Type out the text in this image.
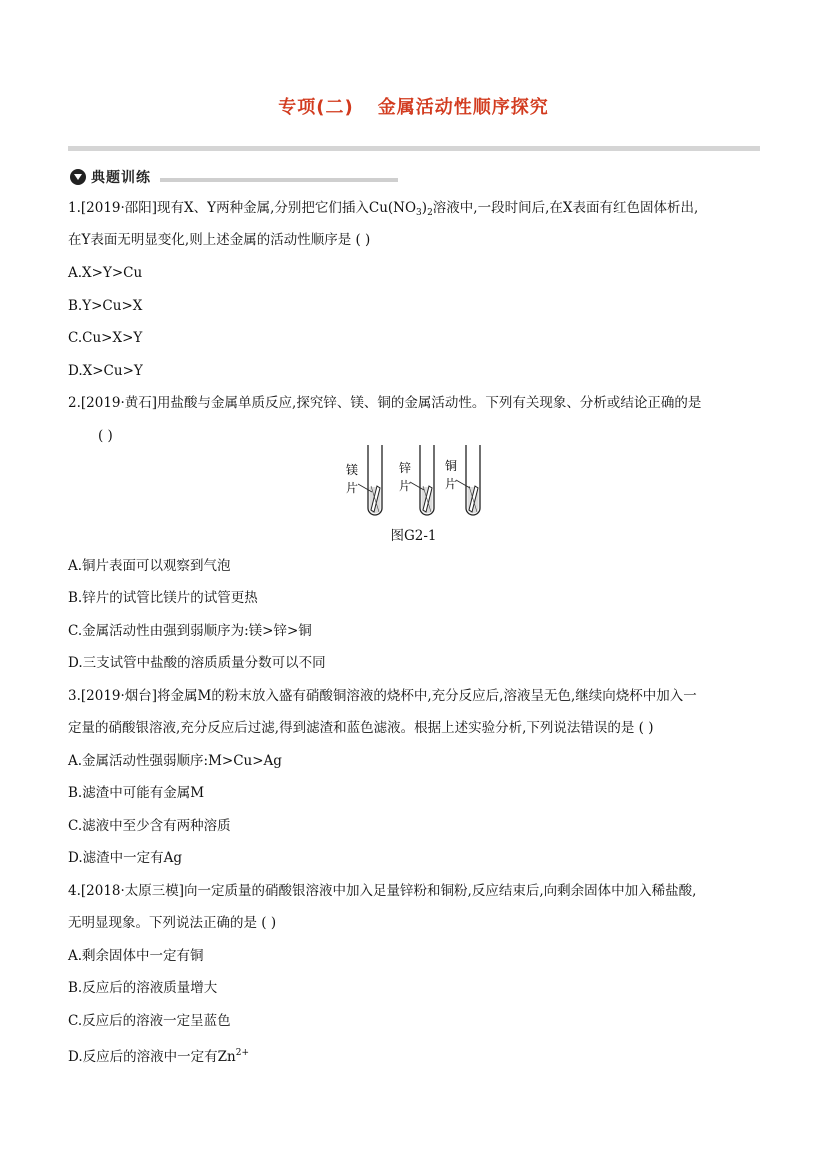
专项(二) 金属活动性顺序探究
典题训练
1.[2019·邵阳]现有X、Y两种金属,分别把它们插入$Cu(NO_3)_2$溶液中,一段时间后,在X表面有红色固体析出,
在Y表面无明显变化,则上述金属的活动性顺序是 ( )
A.X>Y>Cu
B.Y>Cu>X
C.Cu>X>Y
D.X>Cu>Y
2.[2019·黄石]用盐酸与金属单质反应,探究锌、镁、铜的金属活动性。下列有关现象、分析或结论正确的是
( )
镁
片
锌
片
铜
片
图G2-1
A.铜片表面可以观察到气泡
B.锌片的试管比镁片的试管更热
C.金属活动性由强到弱顺序为:镁>锌>铜
D.三支试管中盐酸的溶质质量分数可以不同
3.[2019·烟台]将金属M的粉末放入盛有硝酸铜溶液的烧杯中,充分反应后,溶液呈无色,继续向烧杯中加入一
定量的硝酸银溶液,充分反应后过滤,得到滤渣和蓝色滤液。根据上述实验分析,下列说法错误的是 ( )
A.金属活动性强弱顺序:M>Cu>Ag
B.滤渣中可能有金属M
C.滤液中至少含有两种溶质
D.滤渣中一定有Ag
4.[2018·太原三模]向一定质量的硝酸银溶液中加入足量锌粉和铜粉,反应结束后,向剩余固体中加入稀盐酸,
无明显现象。下列说法正确的是 ( )
A.剩余固体中一定有铜
B.反应后的溶液质量增大
C.反应后的溶液一定呈蓝色
D.反应后的溶液中一定有$Zn^{2+}$
